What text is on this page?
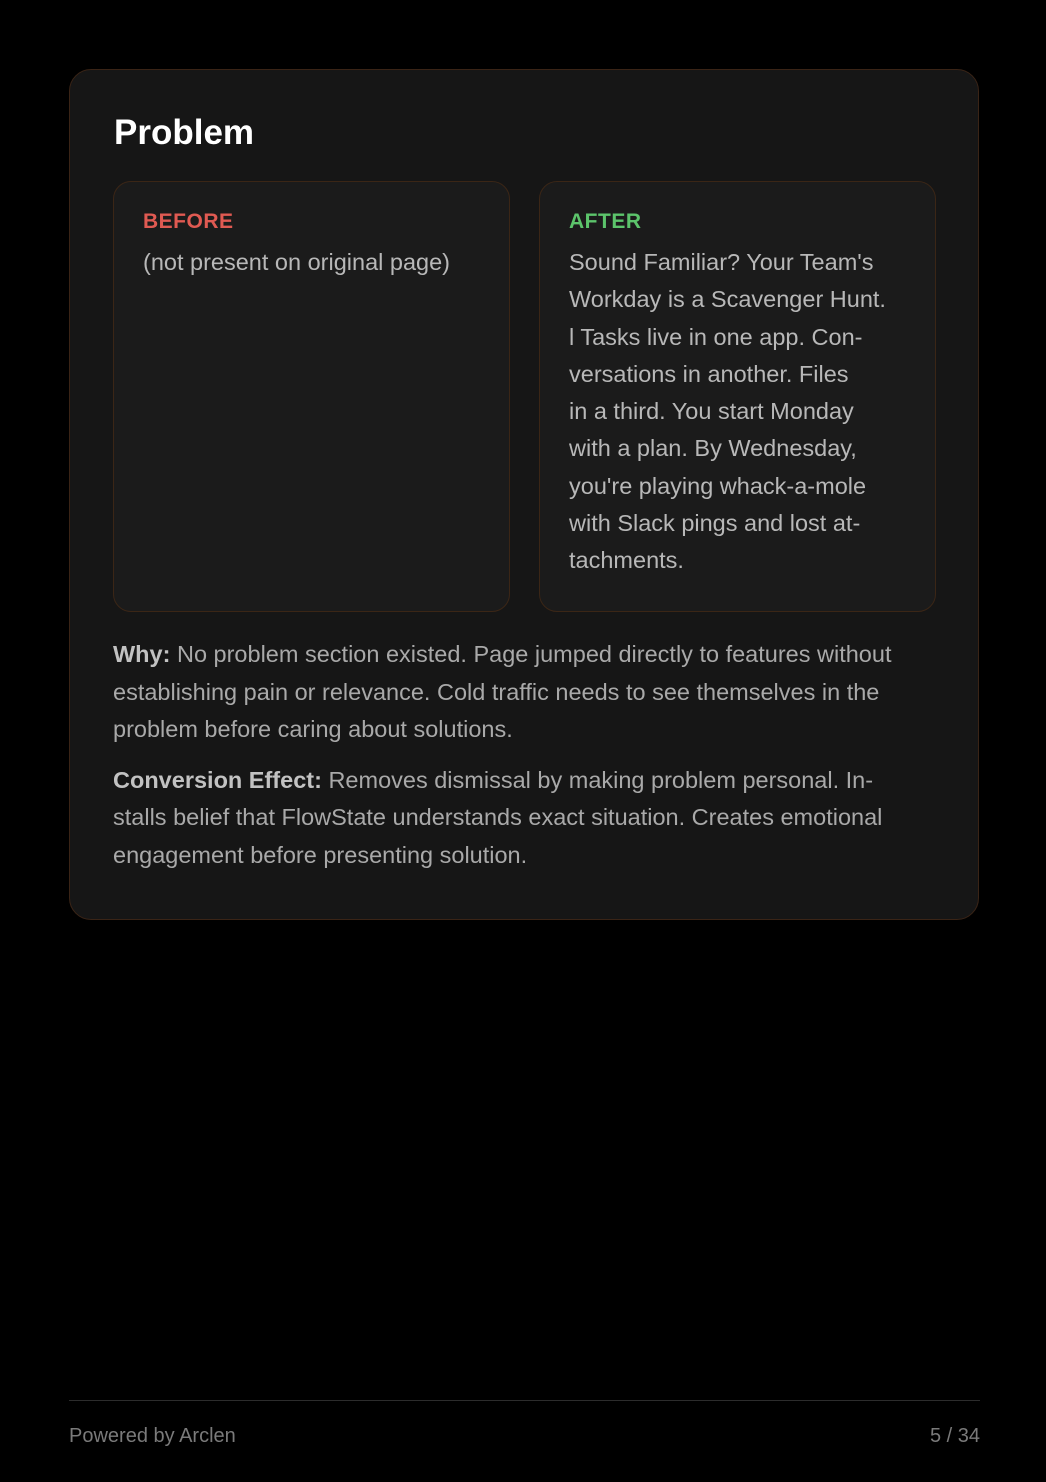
Problem
BEFORE

(not present on original page)

AFTER

Sound Familiar? Your Team's
Workday is a Scavenger Hunt.
l Tasks live in one app. Con-
versations in another. Files
in a third. You start Monday
with a plan. By Wednesday,
you're playing whack-a-mole
with Slack pings and lost at-
tachments.

Why: No problem section existed. Page jumped directly to features without
establishing pain or relevance. Cold traffic needs to see themselves in the
problem before caring about solutions.

Conversion Effect: Removes dismissal by making problem personal. In-
stalls belief that FlowState understands exact situation. Creates emotional
engagement before presenting solution.

Powered by Arclen	5 / 34
